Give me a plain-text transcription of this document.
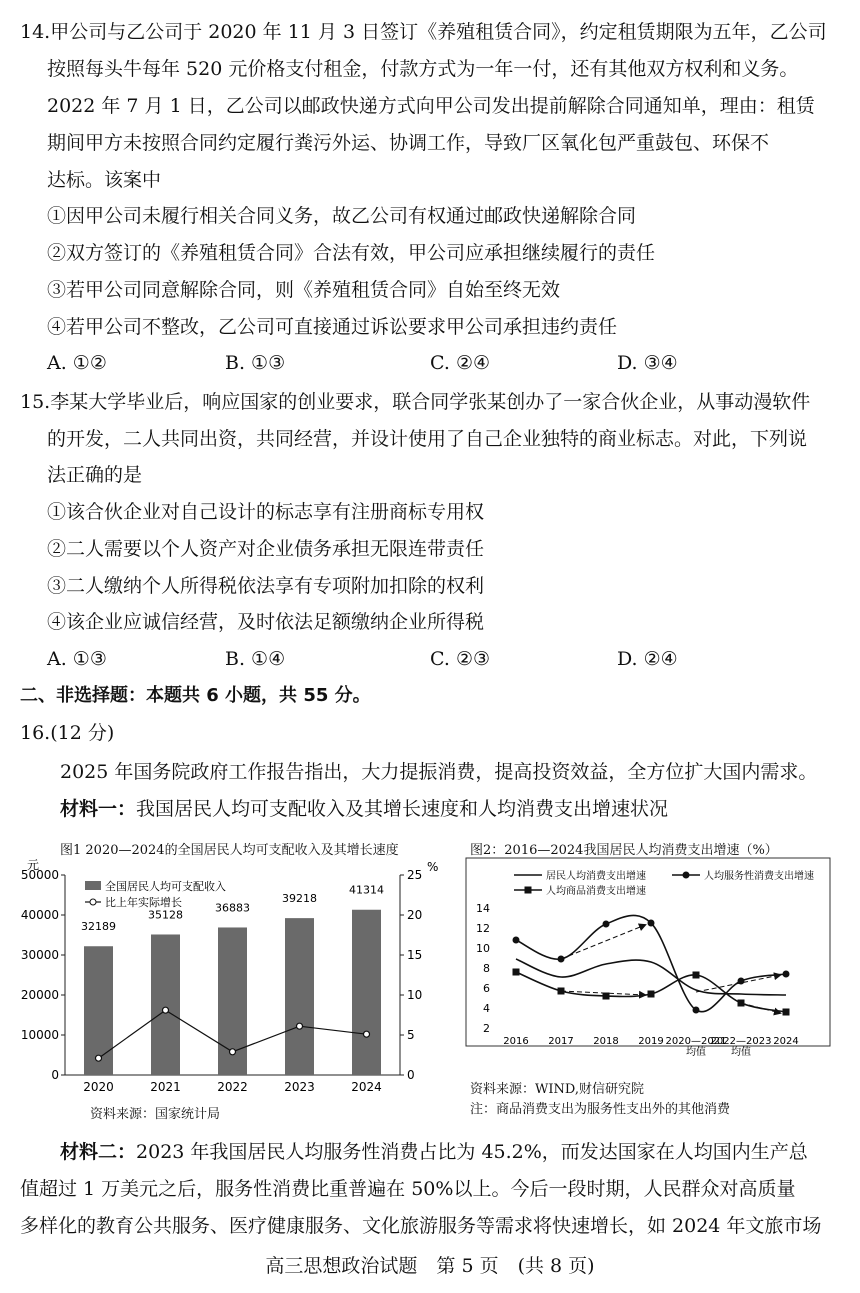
14.甲公司与乙公司于 2020 年 11 月 3 日签订《养殖租赁合同》，约定租赁期限为五年，乙公司
按照每头牛每年 520 元价格支付租金，付款方式为一年一付，还有其他双方权利和义务。
2022 年 7 月 1 日，乙公司以邮政快递方式向甲公司发出提前解除合同通知单，理由：租赁
期间甲方未按照合同约定履行粪污外运、协调工作，导致厂区氧化包严重鼓包、环保不
达标。该案中
①因甲公司未履行相关合同义务，故乙公司有权通过邮政快递解除合同
②双方签订的《养殖租赁合同》合法有效，甲公司应承担继续履行的责任
③若甲公司同意解除合同，则《养殖租赁合同》自始至终无效
④若甲公司不整改，乙公司可直接通过诉讼要求甲公司承担违约责任
A. ①②	B. ①③	C. ②④	D. ③④
15.李某大学毕业后，响应国家的创业要求，联合同学张某创办了一家合伙企业，从事动漫软件
的开发，二人共同出资，共同经营，并设计使用了自己企业独特的商业标志。对此，下列说
法正确的是
①该合伙企业对自己设计的标志享有注册商标专用权
②二人需要以个人资产对企业债务承担无限连带责任
③二人缴纳个人所得税依法享有专项附加扣除的权利
④该企业应诚信经营，及时依法足额缴纳企业所得税
A. ①③	B. ①④	C. ②③	D. ②④
二、非选择题：本题共 6 小题，共 55 分。
16.(12 分)
2025 年国务院政府工作报告指出，大力提振消费，提高投资效益，全方位扩大国内需求。
材料一：我国居民人均可支配收入及其增长速度和人均消费支出增速状况
图1 2020—2024的全国居民人均可支配收入及其增长速度
元	%
0
10000
20000
30000
40000
50000
0
5
10
15
20
25
32189
2020
35128
2021
36883
2022
39218
2023
41314
2024
全国居民人均可支配收入
比上年实际增长
资料来源：国家统计局
图2：2016—2024我国居民人均消费支出增速（%）
2
4
6
8
10
12
14
2016 2017 2018 2019 2020—2021 均值
2022—2023 均值
2024
居民人均消费支出增速	人均服务性消费支出增速
人均商品消费支出增速
资料来源：WIND,财信研究院
注：商品消费支出为服务性支出外的其他消费
材料二：2023 年我国居民人均服务性消费占比为 45.2%，而发达国家在人均国内生产总
值超过 1 万美元之后，服务性消费比重普遍在 50%以上。今后一段时期，人民群众对高质量
多样化的教育公共服务、医疗健康服务、文化旅游服务等需求将快速增长，如 2024 年文旅市场
高三思想政治试题　第 5 页　(共 8 页)
